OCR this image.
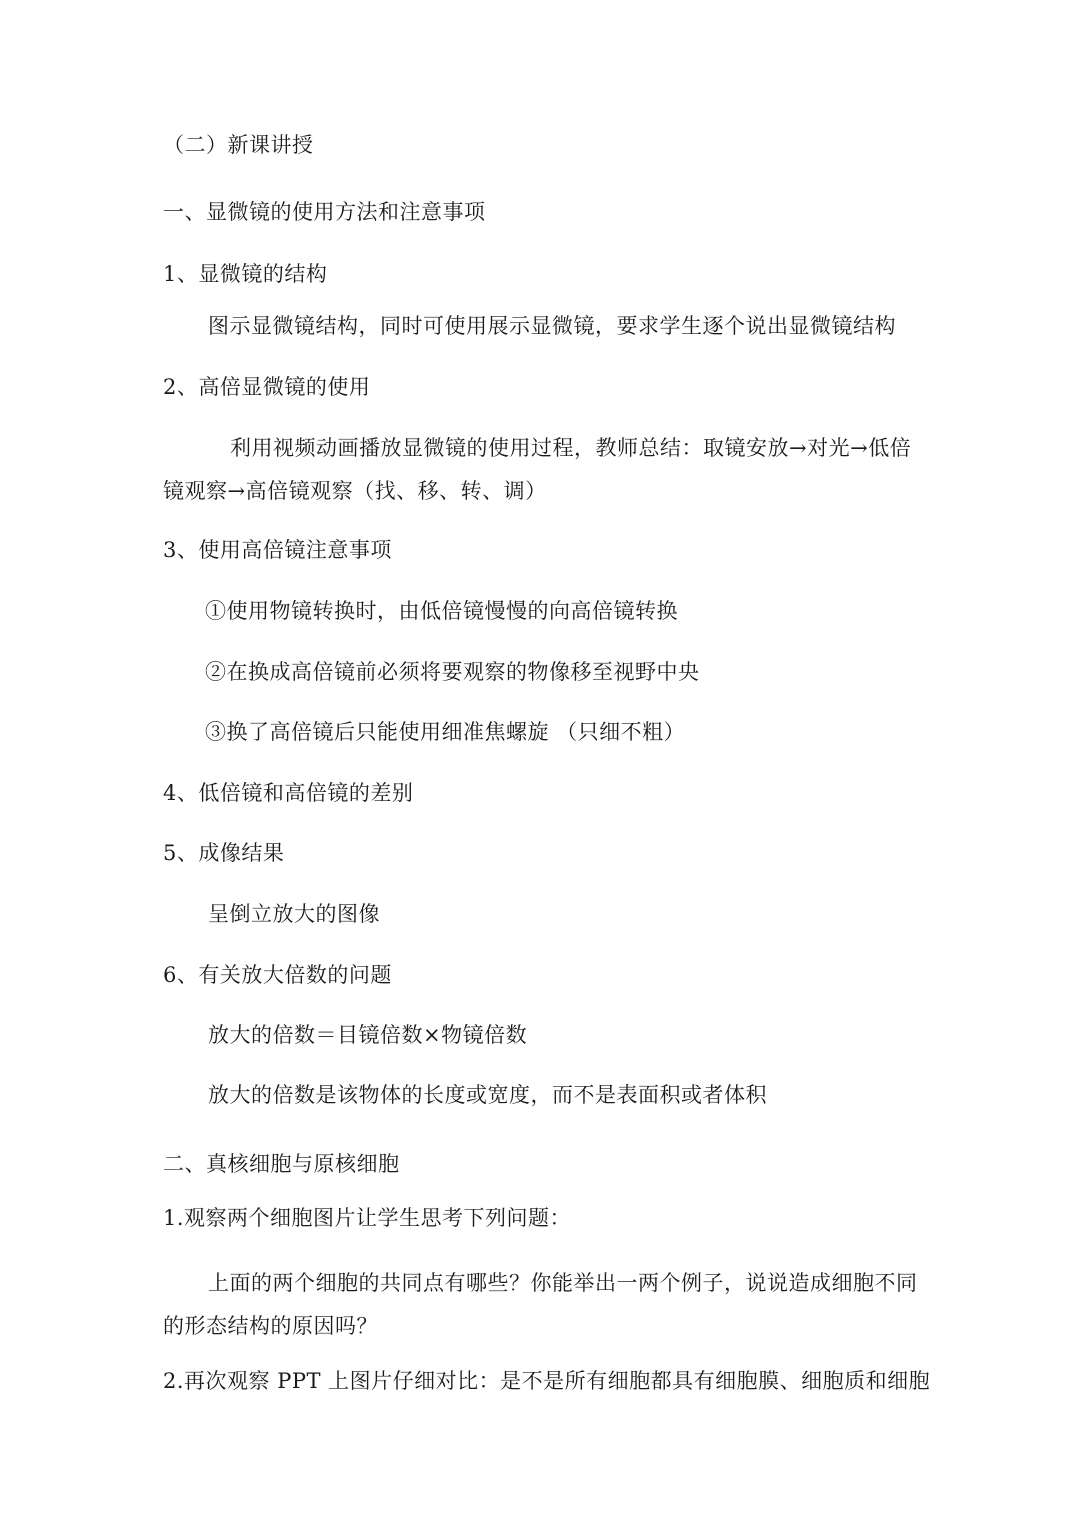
（二）新课讲授
一、显微镜的使用方法和注意事项
1、显微镜的结构
图示显微镜结构，同时可使用展示显微镜，要求学生逐个说出显微镜结构
2、高倍显微镜的使用
利用视频动画播放显微镜的使用过程，教师总结：取镜安放→对光→低倍
镜观察→高倍镜观察（找、移、转、调）
3、使用高倍镜注意事项
①使用物镜转换时，由低倍镜慢慢的向高倍镜转换
②在换成高倍镜前必须将要观察的物像移至视野中央
③换了高倍镜后只能使用细准焦螺旋 （只细不粗）
4、低倍镜和高倍镜的差别
5、成像结果
呈倒立放大的图像
6、有关放大倍数的问题
放大的倍数＝目镜倍数×物镜倍数
放大的倍数是该物体的长度或宽度，而不是表面积或者体积
二、真核细胞与原核细胞
1.观察两个细胞图片让学生思考下列问题：
上面的两个细胞的共同点有哪些？你能举出一两个例子，说说造成细胞不同
的形态结构的原因吗？
2.再次观察 PPT 上图片仔细对比：是不是所有细胞都具有细胞膜、细胞质和细胞
